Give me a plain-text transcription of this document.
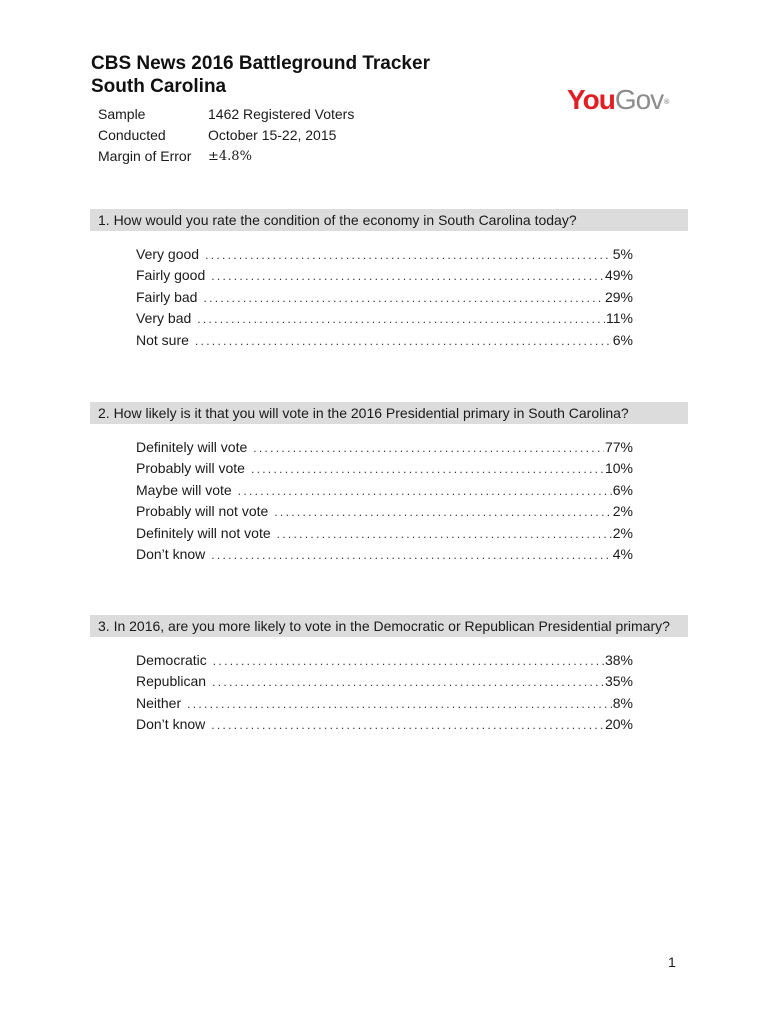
CBS News 2016 Battleground Tracker
South Carolina	YouGov®
Sample	1462 Registered Voters
Conducted	October 15-22, 2015
Margin of Error	±4.8%
1. How would you rate the condition of the economy in South Carolina today?
Very good .....	5%
Fairly good .....	49%
Fairly bad .....	29%
Very bad .....	11%
Not sure .....	6%
2. How likely is it that you will vote in the 2016 Presidential primary in South Carolina?
Definitely will vote .....	77%
Probably will vote .....	10%
Maybe will vote .....	6%
Probably will not vote .....	2%
Definitely will not vote .....	2%
Don’t know .....	4%
3. In 2016, are you more likely to vote in the Democratic or Republican Presidential primary?
Democratic .....	38%
Republican .....	35%
Neither .....	8%
Don’t know .....	20%
1
